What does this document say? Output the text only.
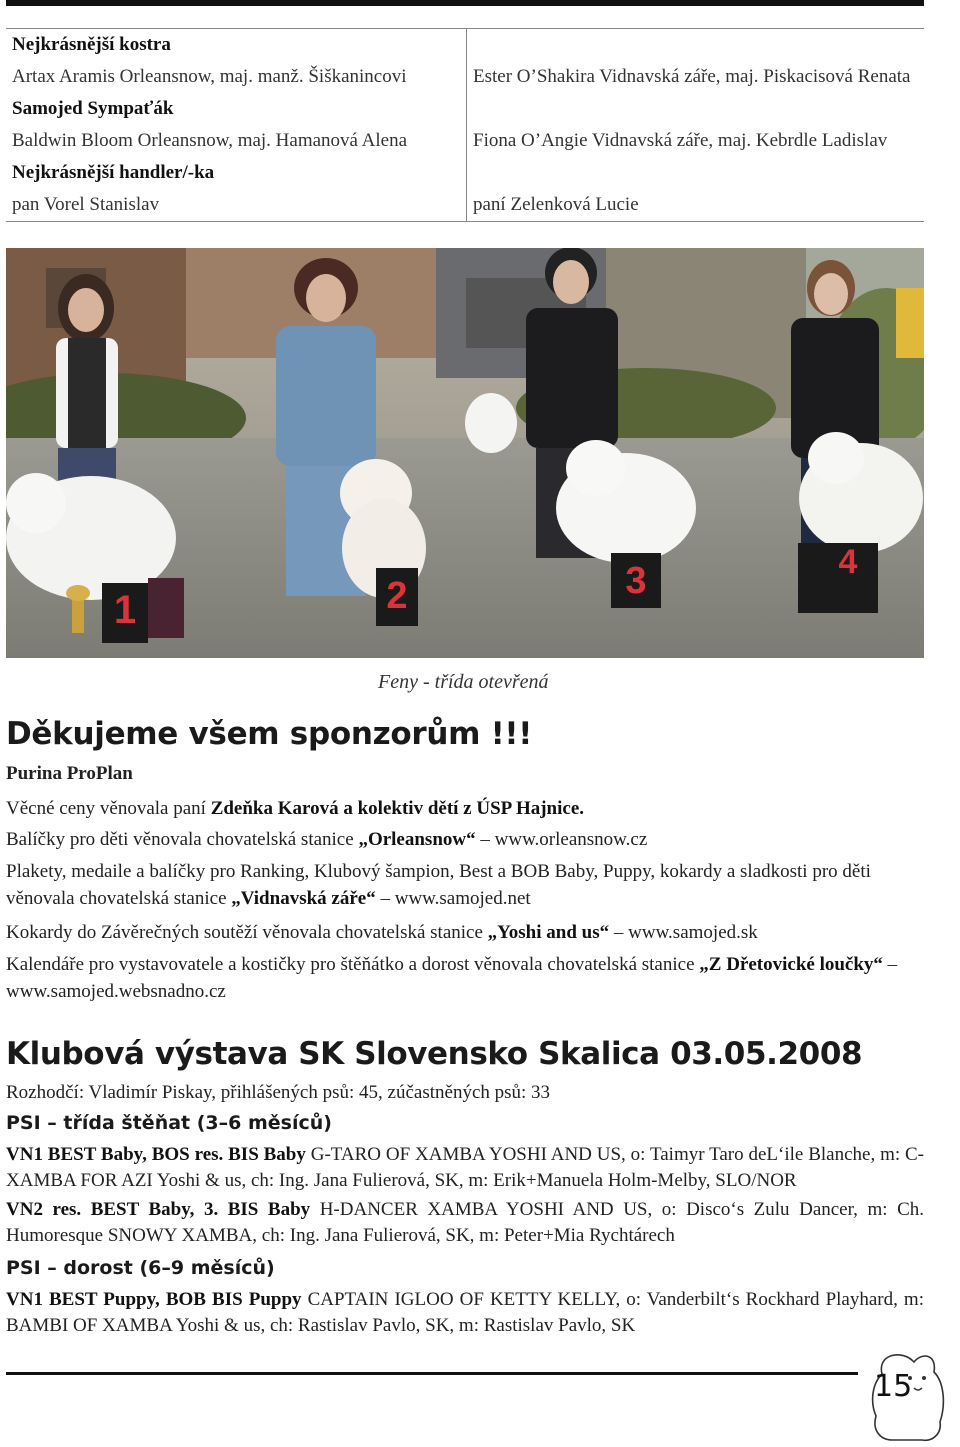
Nejkrásnější kostra	
Artax Aramis Orleansnow, maj. manž. Šiškanincovi	Ester O’Shakira Vidnavská záře, maj. Piskacisová Renata
Samojed Sympaťák	
Baldwin Bloom Orleansnow, maj. Hamanová Alena	Fiona O’Angie Vidnavská záře, maj. Kebrdle Ladislav
Nejkrásnější handler/-ka	
pan Vorel Stanislav	paní Zelenková Lucie
1	2	3	4
Feny - třída otevřená
Děkujeme všem sponzorům !!!
Purina ProPlan
Věcné ceny věnovala paní Zdeňka Karová a kolektiv dětí z ÚSP Hajnice.
Balíčky pro děti věnovala chovatelská stanice „Orleansnow“ – www.orleansnow.cz
Plakety, medaile a balíčky pro Ranking, Klubový šampion, Best a BOB Baby, Puppy, kokardy a sladkosti pro děti věnovala chovatelská stanice „Vidnavská záře“ – www.samojed.net
Kokardy do Závěrečných soutěží věnovala chovatelská stanice „Yoshi and us“ – www.samojed.sk
Kalendáře pro vystavovatele a kostičky pro štěňátko a dorost věnovala chovatelská stanice „Z Dřetovické loučky“ – www.samojed.websnadno.cz
Klubová výstava SK Slovensko Skalica 03.05.2008
Rozhodčí: Vladimír Piskay, přihlášených psů: 45, zúčastněných psů: 33
PSI – třída štěňat (3–6 měsíců)
VN1 BEST Baby, BOS res. BIS Baby G-TARO OF XAMBA YOSHI AND US, o: Taimyr Taro deL‘ile Blanche, m: C-XAMBA FOR AZI Yoshi & us, ch: Ing. Jana Fulierová, SK, m: Erik+Manuela Holm-Melby, SLO/NOR
VN2 res. BEST Baby, 3. BIS Baby H-DANCER XAMBA YOSHI AND US, o: Disco‘s Zulu Dancer, m: Ch. Humoresque SNOWY XAMBA, ch: Ing. Jana Fulierová, SK, m: Peter+Mia Rychtárech
PSI – dorost (6–9 měsíců)
VN1 BEST Puppy, BOB BIS Puppy CAPTAIN IGLOO OF KETTY KELLY, o: Vanderbilt‘s Rockhard Playhard, m: BAMBI OF XAMBA Yoshi & us, ch: Rastislav Pavlo, SK, m: Rastislav Pavlo, SK
15
